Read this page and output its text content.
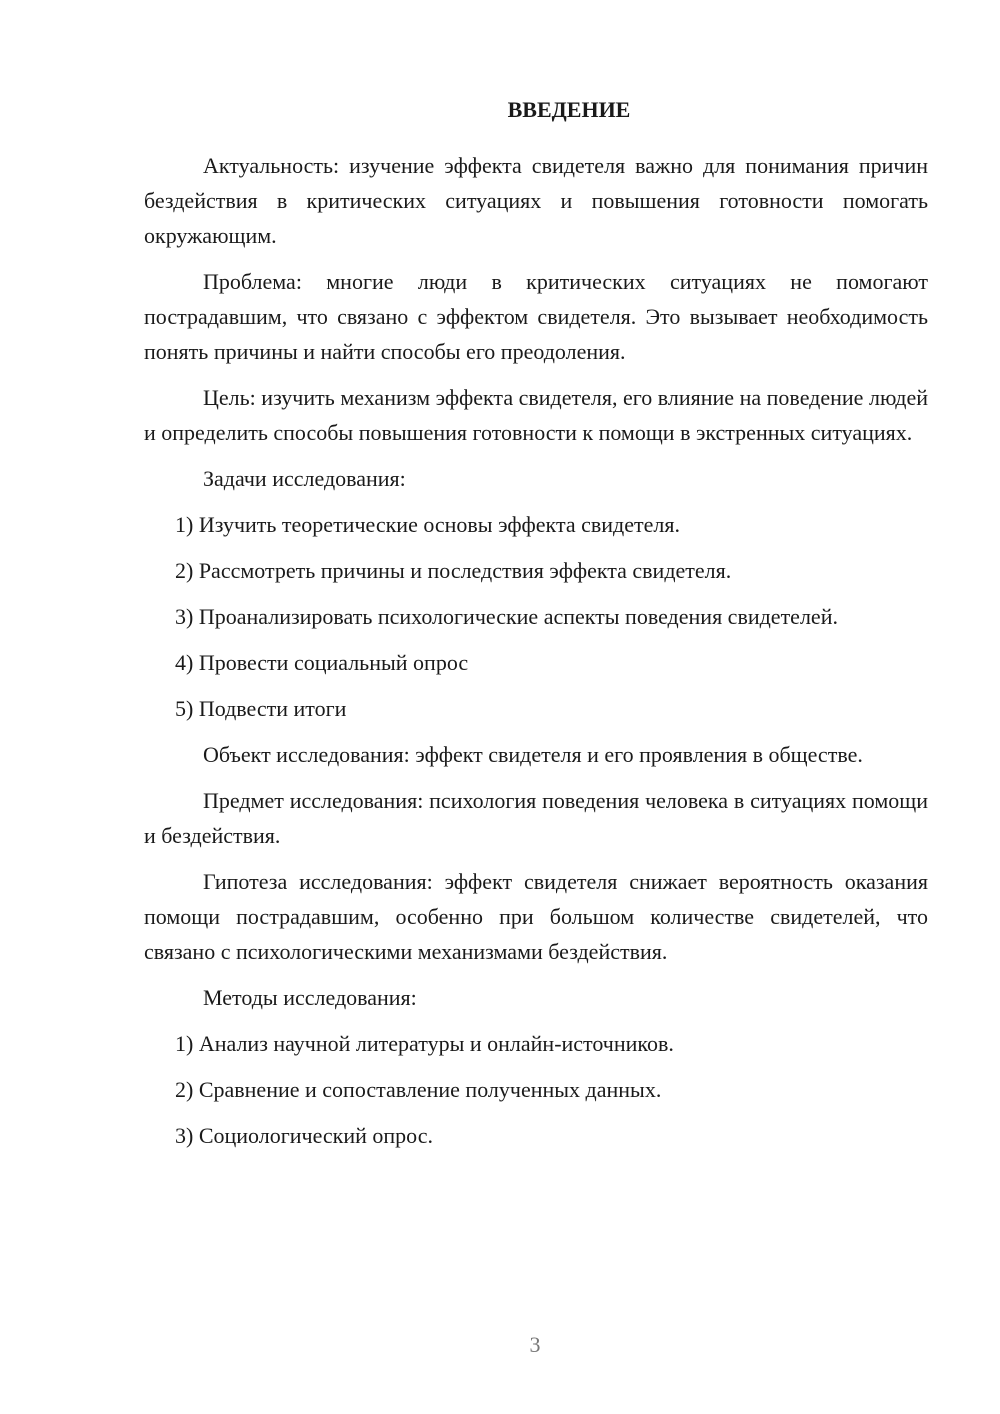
ВВЕДЕНИЕ

Актуальность: изучение эффекта свидетеля важно для понимания причин бездействия в критических ситуациях и повышения готовности помогать окружающим.

Проблема: многие люди в критических ситуациях не помогают пострадавшим, что связано с эффектом свидетеля. Это вызывает необходимость понять причины и найти способы его преодоления.

Цель: изучить механизм эффекта свидетеля, его влияние на поведение людей и определить способы повышения готовности к помощи в экстренных ситуациях.

Задачи исследования:

1) Изучить теоретические основы эффекта свидетеля.
2) Рассмотреть причины и последствия эффекта свидетеля.
3) Проанализировать психологические аспекты поведения свидетелей.
4) Провести социальный опрос
5) Подвести итоги

Объект исследования: эффект свидетеля и его проявления в обществе.

Предмет исследования: психология поведения человека в ситуациях помощи и бездействия.

Гипотеза исследования: эффект свидетеля снижает вероятность оказания помощи пострадавшим, особенно при большом количестве свидетелей, что связано с психологическими механизмами бездействия.

Методы исследования:

1) Анализ научной литературы и онлайн-источников.
2) Сравнение и сопоставление полученных данных.
3) Социологический опрос.
3
